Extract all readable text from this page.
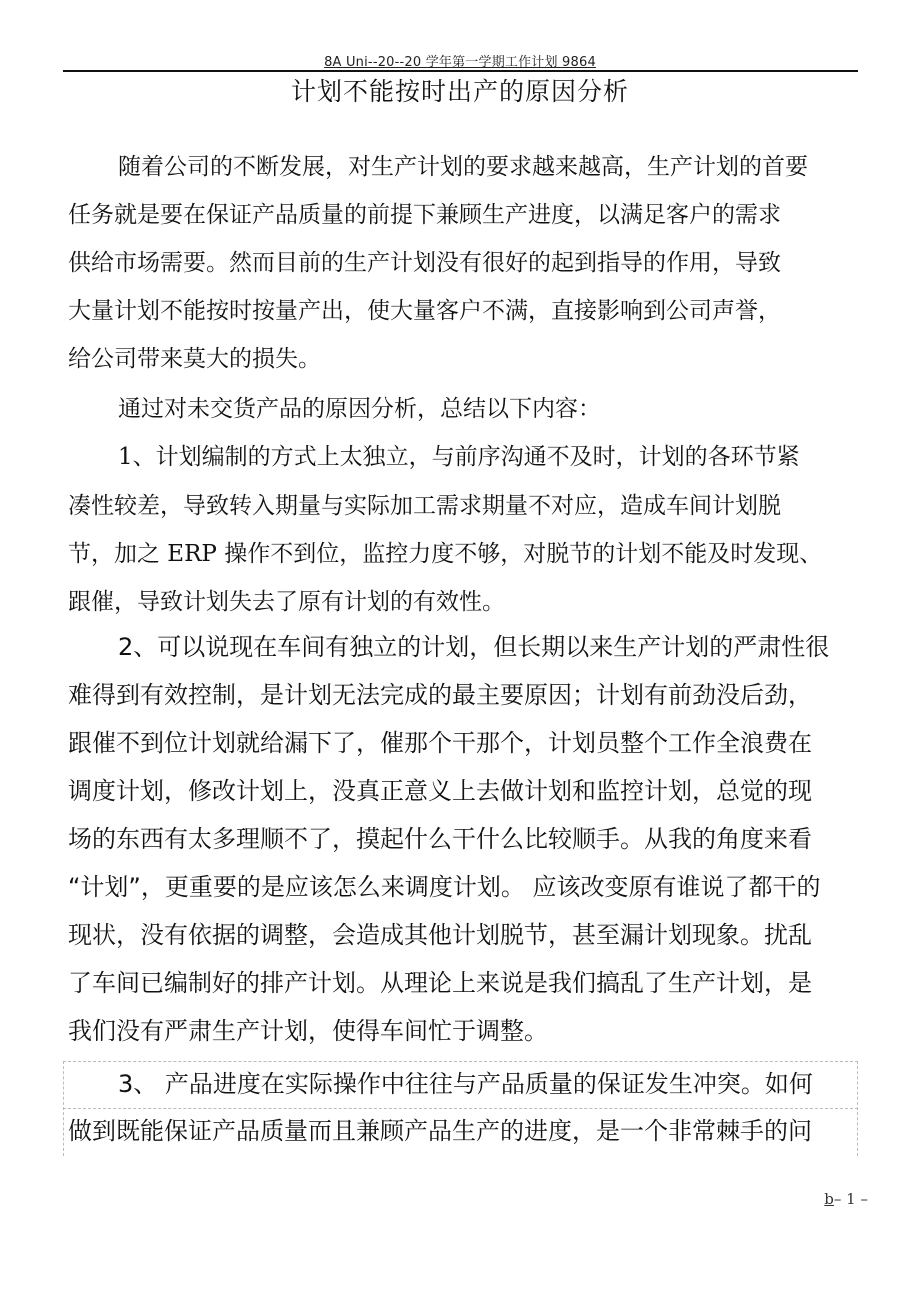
8A Uni--20--20 学年第一学期工作计划 9864
计划不能按时出产的原因分析
随着公司的不断发展，对生产计划的要求越来越高，生产计划的首要
任务就是要在保证产品质量的前提下兼顾生产进度，以满足客户的需求
供给市场需要。然而目前的生产计划没有很好的起到指导的作用，导致
大量计划不能按时按量产出，使大量客户不满，直接影响到公司声誉，
给公司带来莫大的损失。
通过对未交货产品的原因分析，总结以下内容：
1、计划编制的方式上太独立，与前序沟通不及时，计划的各环节紧
凑性较差，导致转入期量与实际加工需求期量不对应，造成车间计划脱
节，加之 ERP 操作不到位，监控力度不够，对脱节的计划不能及时发现、
跟催，导致计划失去了原有计划的有效性。
2、可以说现在车间有独立的计划，但长期以来生产计划的严肃性很
难得到有效控制，是计划无法完成的最主要原因；计划有前劲没后劲，
跟催不到位计划就给漏下了，催那个干那个，计划员整个工作全浪费在
调度计划，修改计划上，没真正意义上去做计划和监控计划，总觉的现
场的东西有太多理顺不了，摸起什么干什么比较顺手。从我的角度来看
“计划”，更重要的是应该怎么来调度计划。 应该改变原有谁说了都干的
现状，没有依据的调整，会造成其他计划脱节，甚至漏计划现象。扰乱
了车间已编制好的排产计划。从理论上来说是我们搞乱了生产计划，是
我们没有严肃生产计划，使得车间忙于调整。
3、 产品进度在实际操作中往往与产品质量的保证发生冲突。如何
做到既能保证产品质量而且兼顾产品生产的进度，是一个非常棘手的问
b– 1 –
